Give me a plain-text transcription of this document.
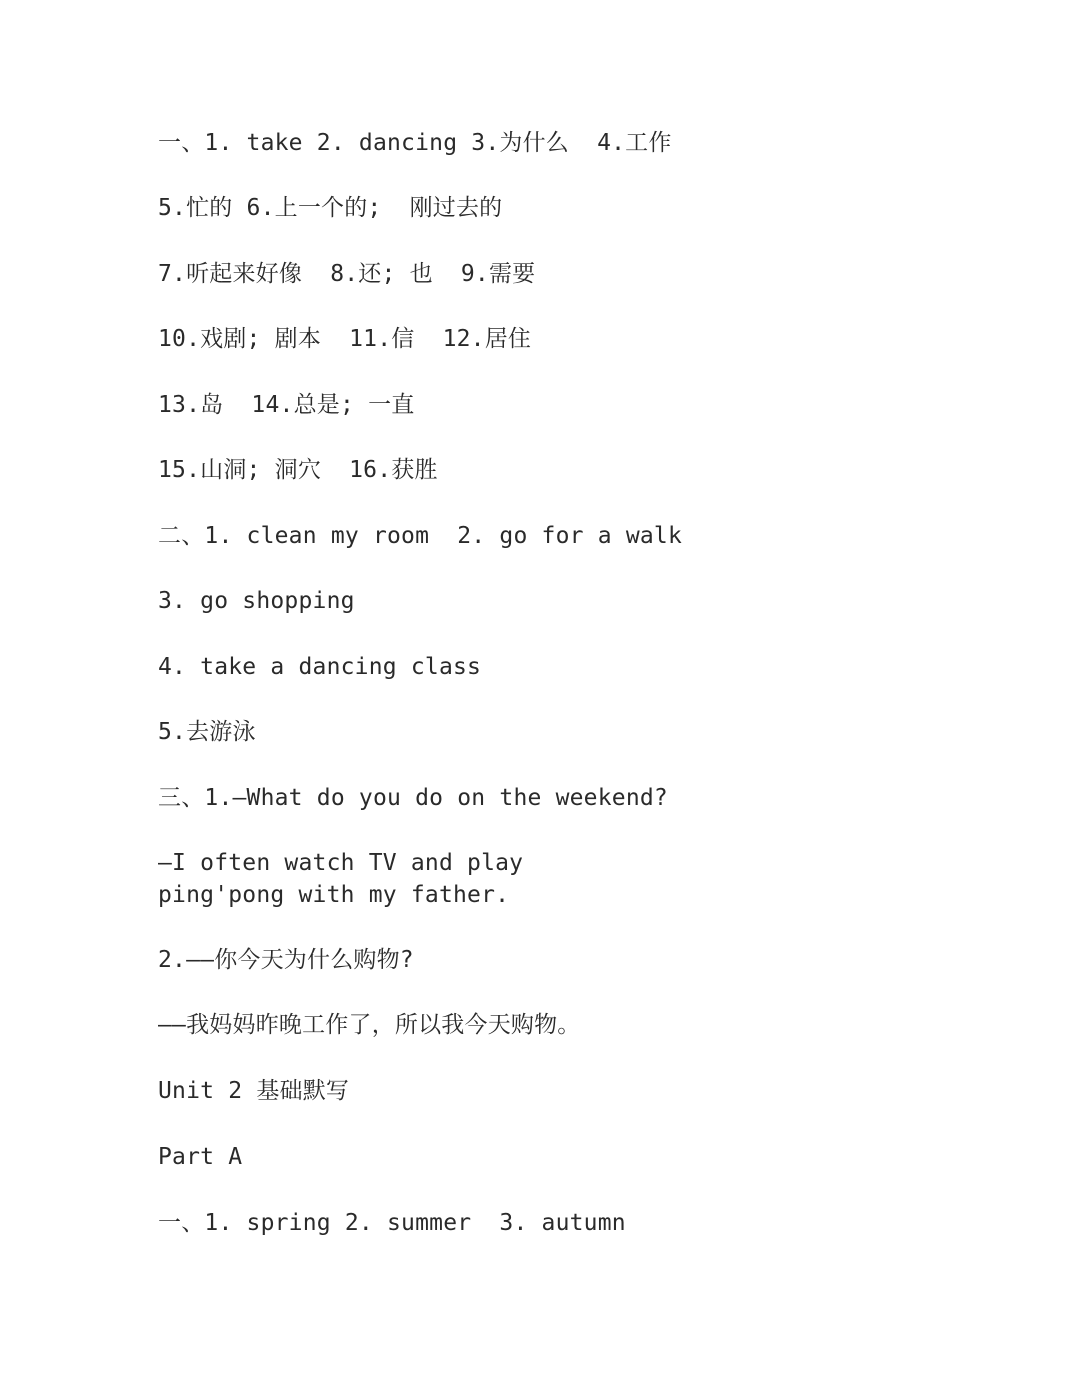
一、1. take 2. dancing 3.为什么  4.工作
5.忙的 6.上一个的;  刚过去的
7.听起来好像  8.还; 也  9.需要
10.戏剧; 剧本  11.信  12.居住
13.岛  14.总是; 一直
15.山洞; 洞穴  16.获胜
二、1. clean my room  2. go for a walk
3. go shopping
4. take a dancing class
5.去游泳
三、1.—What do you do on the weekend?
—I often watch TV and play ping'pong with my father.
2.——你今天为什么购物?
——我妈妈昨晚工作了，所以我今天购物。
Unit 2 基础默写
Part A
一、1. spring 2. summer  3. autumn
